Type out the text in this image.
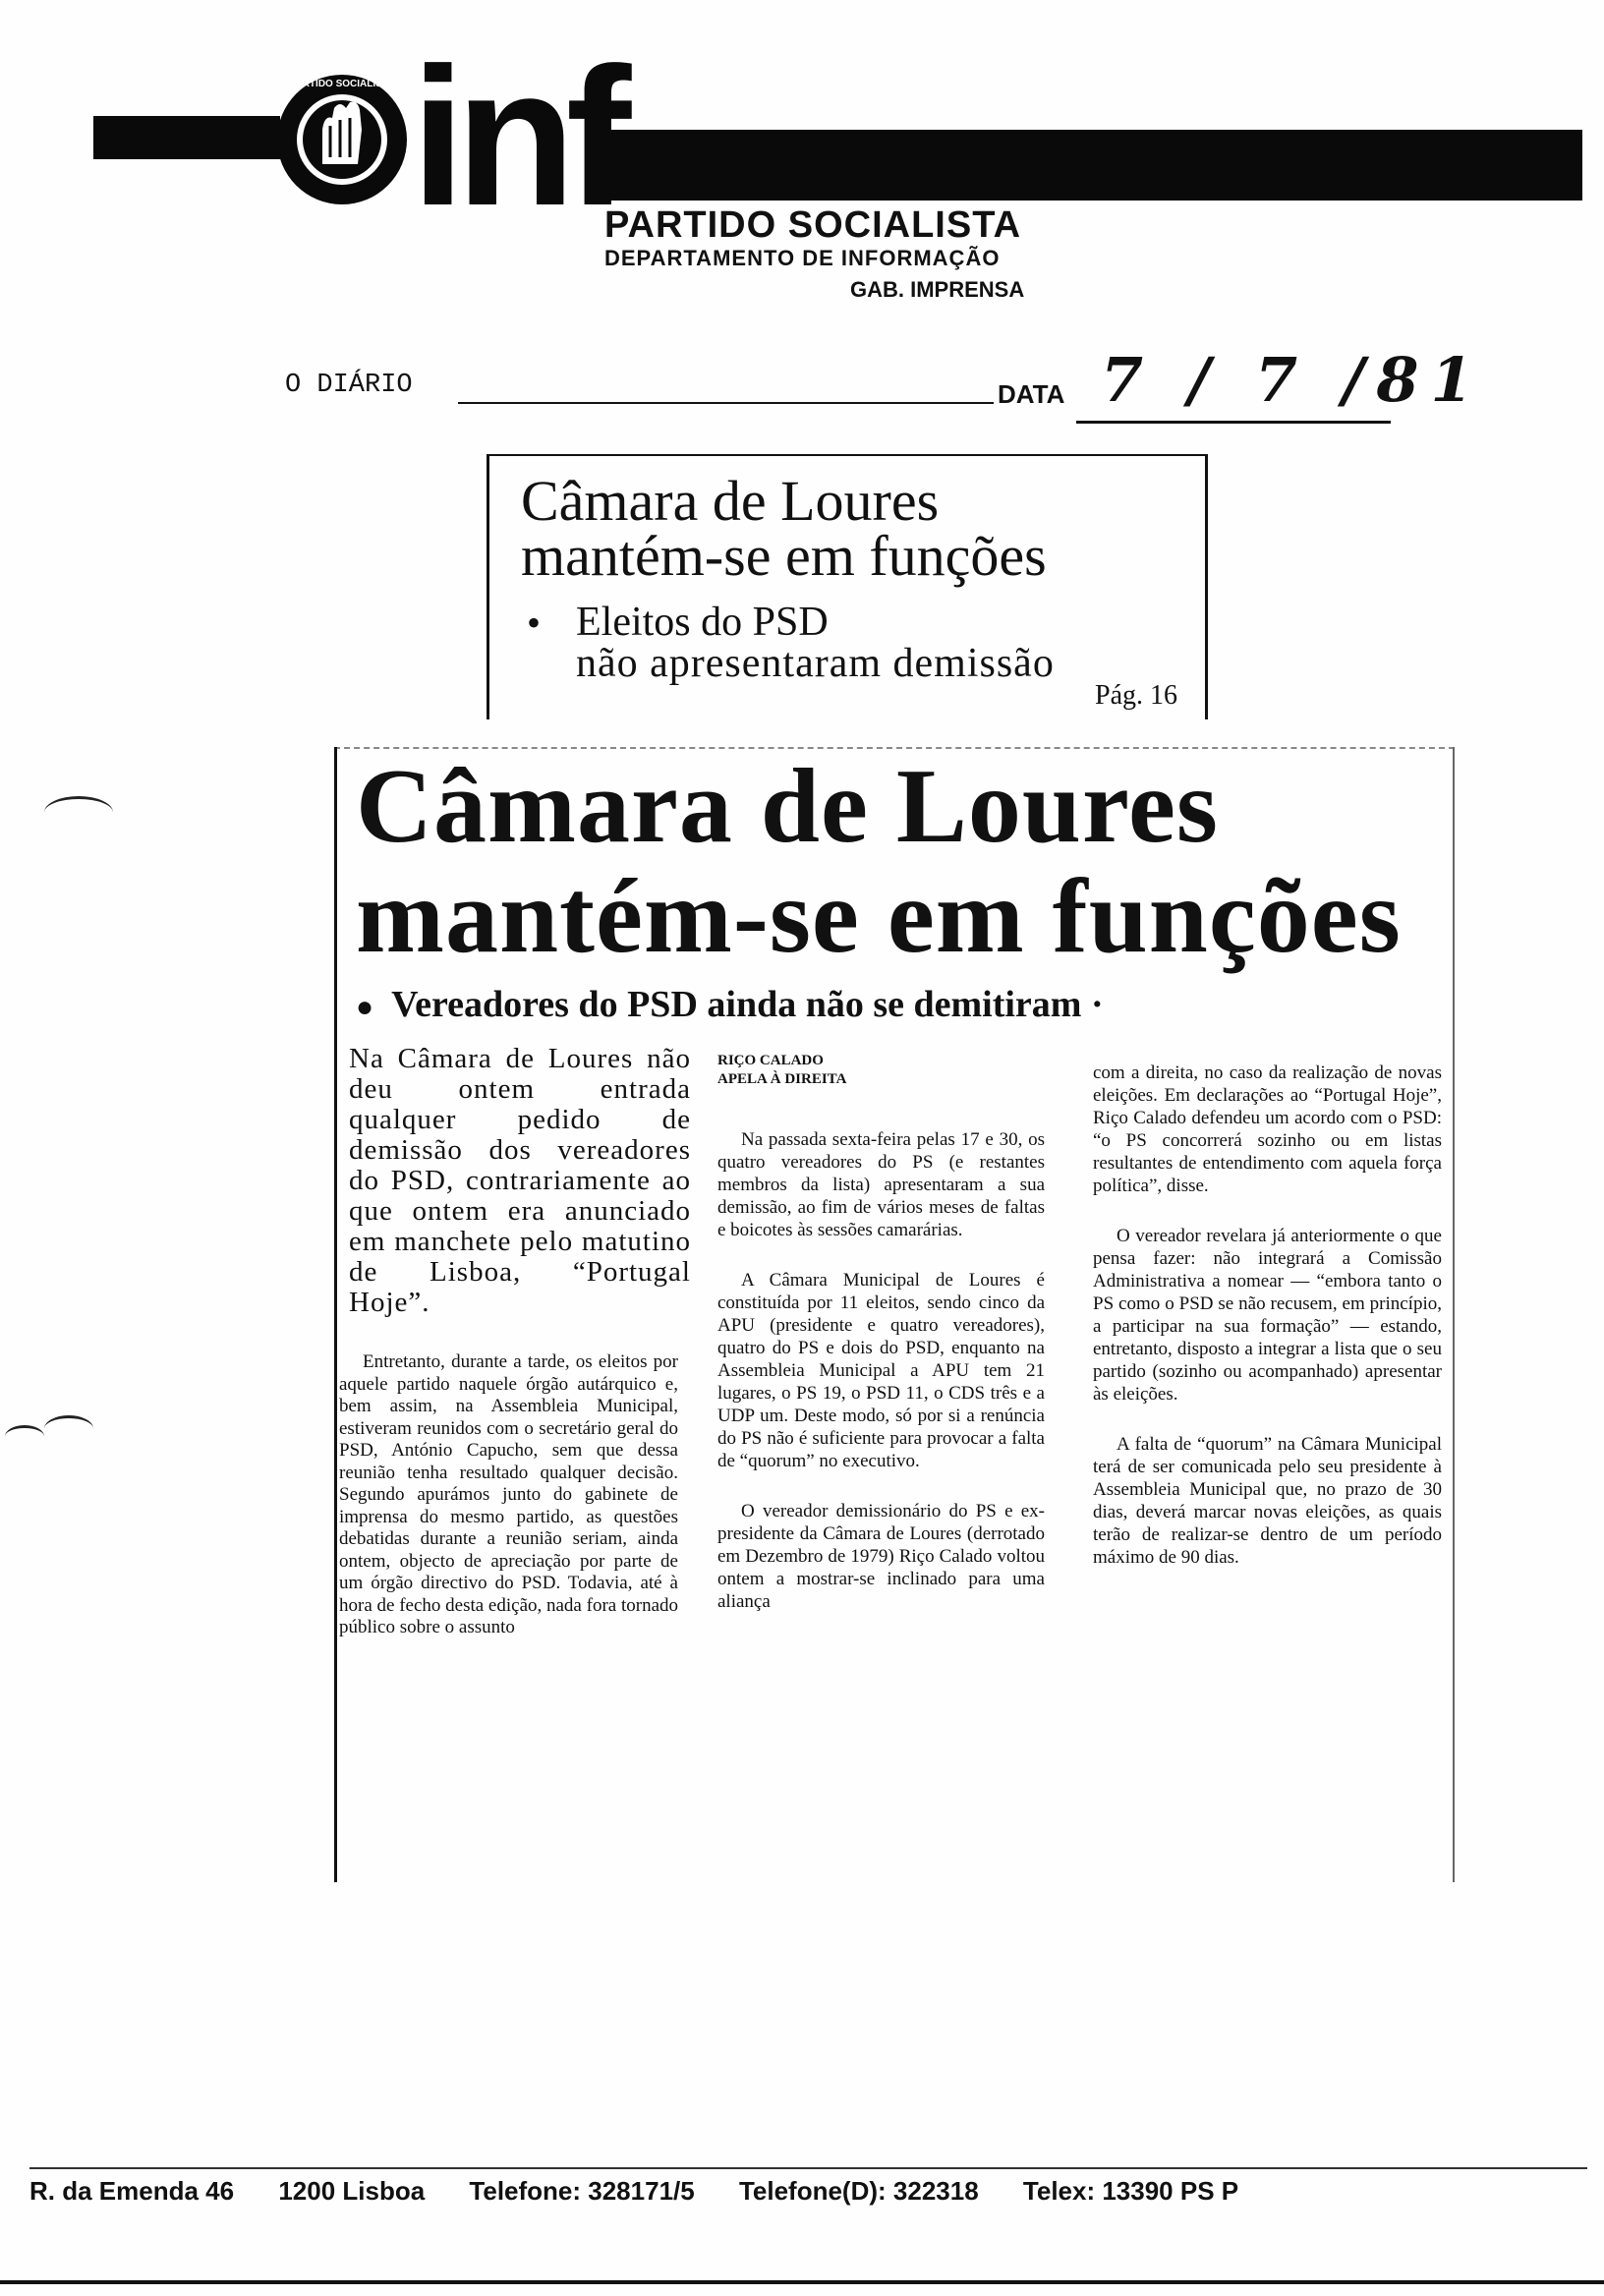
PARTIDO SOCIALISTA inf
PARTIDO SOCIALISTA
DEPARTAMENTO DE INFORMAÇÃO
GAB. IMPRENSA
O DIÁRIO	DATA 7 / 7 /81
Câmara de Loures
mantém-se em funções
• Eleitos do PSD
não apresentaram demissão
Pág. 16
Câmara de Loures
mantém-se em funções
● Vereadores do PSD ainda não se demitiram ·
Na Câmara de Loures não deu ontem entrada qualquer pedido de demissão dos vereadores do PSD, contrariamente ao que ontem era anunciado em manchete pelo matutino de Lisboa, “Portugal Hoje”.

Entretanto, durante a tarde, os eleitos por aquele partido naquele órgão autárquico e, bem assim, na Assembleia Municipal, estiveram reunidos com o secretário geral do PSD, António Capucho, sem que dessa reunião tenha resultado qualquer decisão. Segundo apurámos junto do gabinete de imprensa do mesmo partido, as questões debatidas durante a reunião seriam, ainda ontem, objecto de apreciação por parte de um órgão directivo do PSD. Todavia, até à hora de fecho desta edição, nada fora tornado público sobre o assunto

RIÇO CALADO
APELA À DIREITA

Na passada sexta-feira pelas 17 e 30, os quatro vereadores do PS (e restantes membros da lista) apresentaram a sua demissão, ao fim de vários meses de faltas e boicotes às sessões camarárias.

A Câmara Municipal de Loures é constituída por 11 eleitos, sendo cinco da APU (presidente e quatro vereadores), quatro do PS e dois do PSD, enquanto na Assembleia Municipal a APU tem 21 lugares, o PS 19, o PSD 11, o CDS três e a UDP um. Deste modo, só por si a renúncia do PS não é suficiente para provocar a falta de “quorum” no executivo.

O vereador demissionário do PS e ex-presidente da Câmara de Loures (derrotado em Dezembro de 1979) Riço Calado voltou ontem a mostrar-se inclinado para uma aliança

com a direita, no caso da realização de novas eleições. Em declarações ao “Portugal Hoje”, Riço Calado defendeu um acordo com o PSD: “o PS concorrerá sozinho ou em listas resultantes de entendimento com aquela força política”, disse.

O vereador revelara já anteriormente o que pensa fazer: não integrará a Comissão Administrativa a nomear — “embora tanto o PS como o PSD se não recusem, em princípio, a participar na sua formação” — estando, entretanto, disposto a integrar a lista que o seu partido (sozinho ou acompanhado) apresentar às eleições.

A falta de “quorum” na Câmara Municipal terá de ser comunicada pelo seu presidente à Assembleia Municipal que, no prazo de 30 dias, deverá marcar novas eleições, as quais terão de realizar-se dentro de um período máximo de 90 dias.

R. da Emenda 46 1200 Lisboa Telefone: 328171/5 Telefone(D): 322318 Telex: 13390 PS P
